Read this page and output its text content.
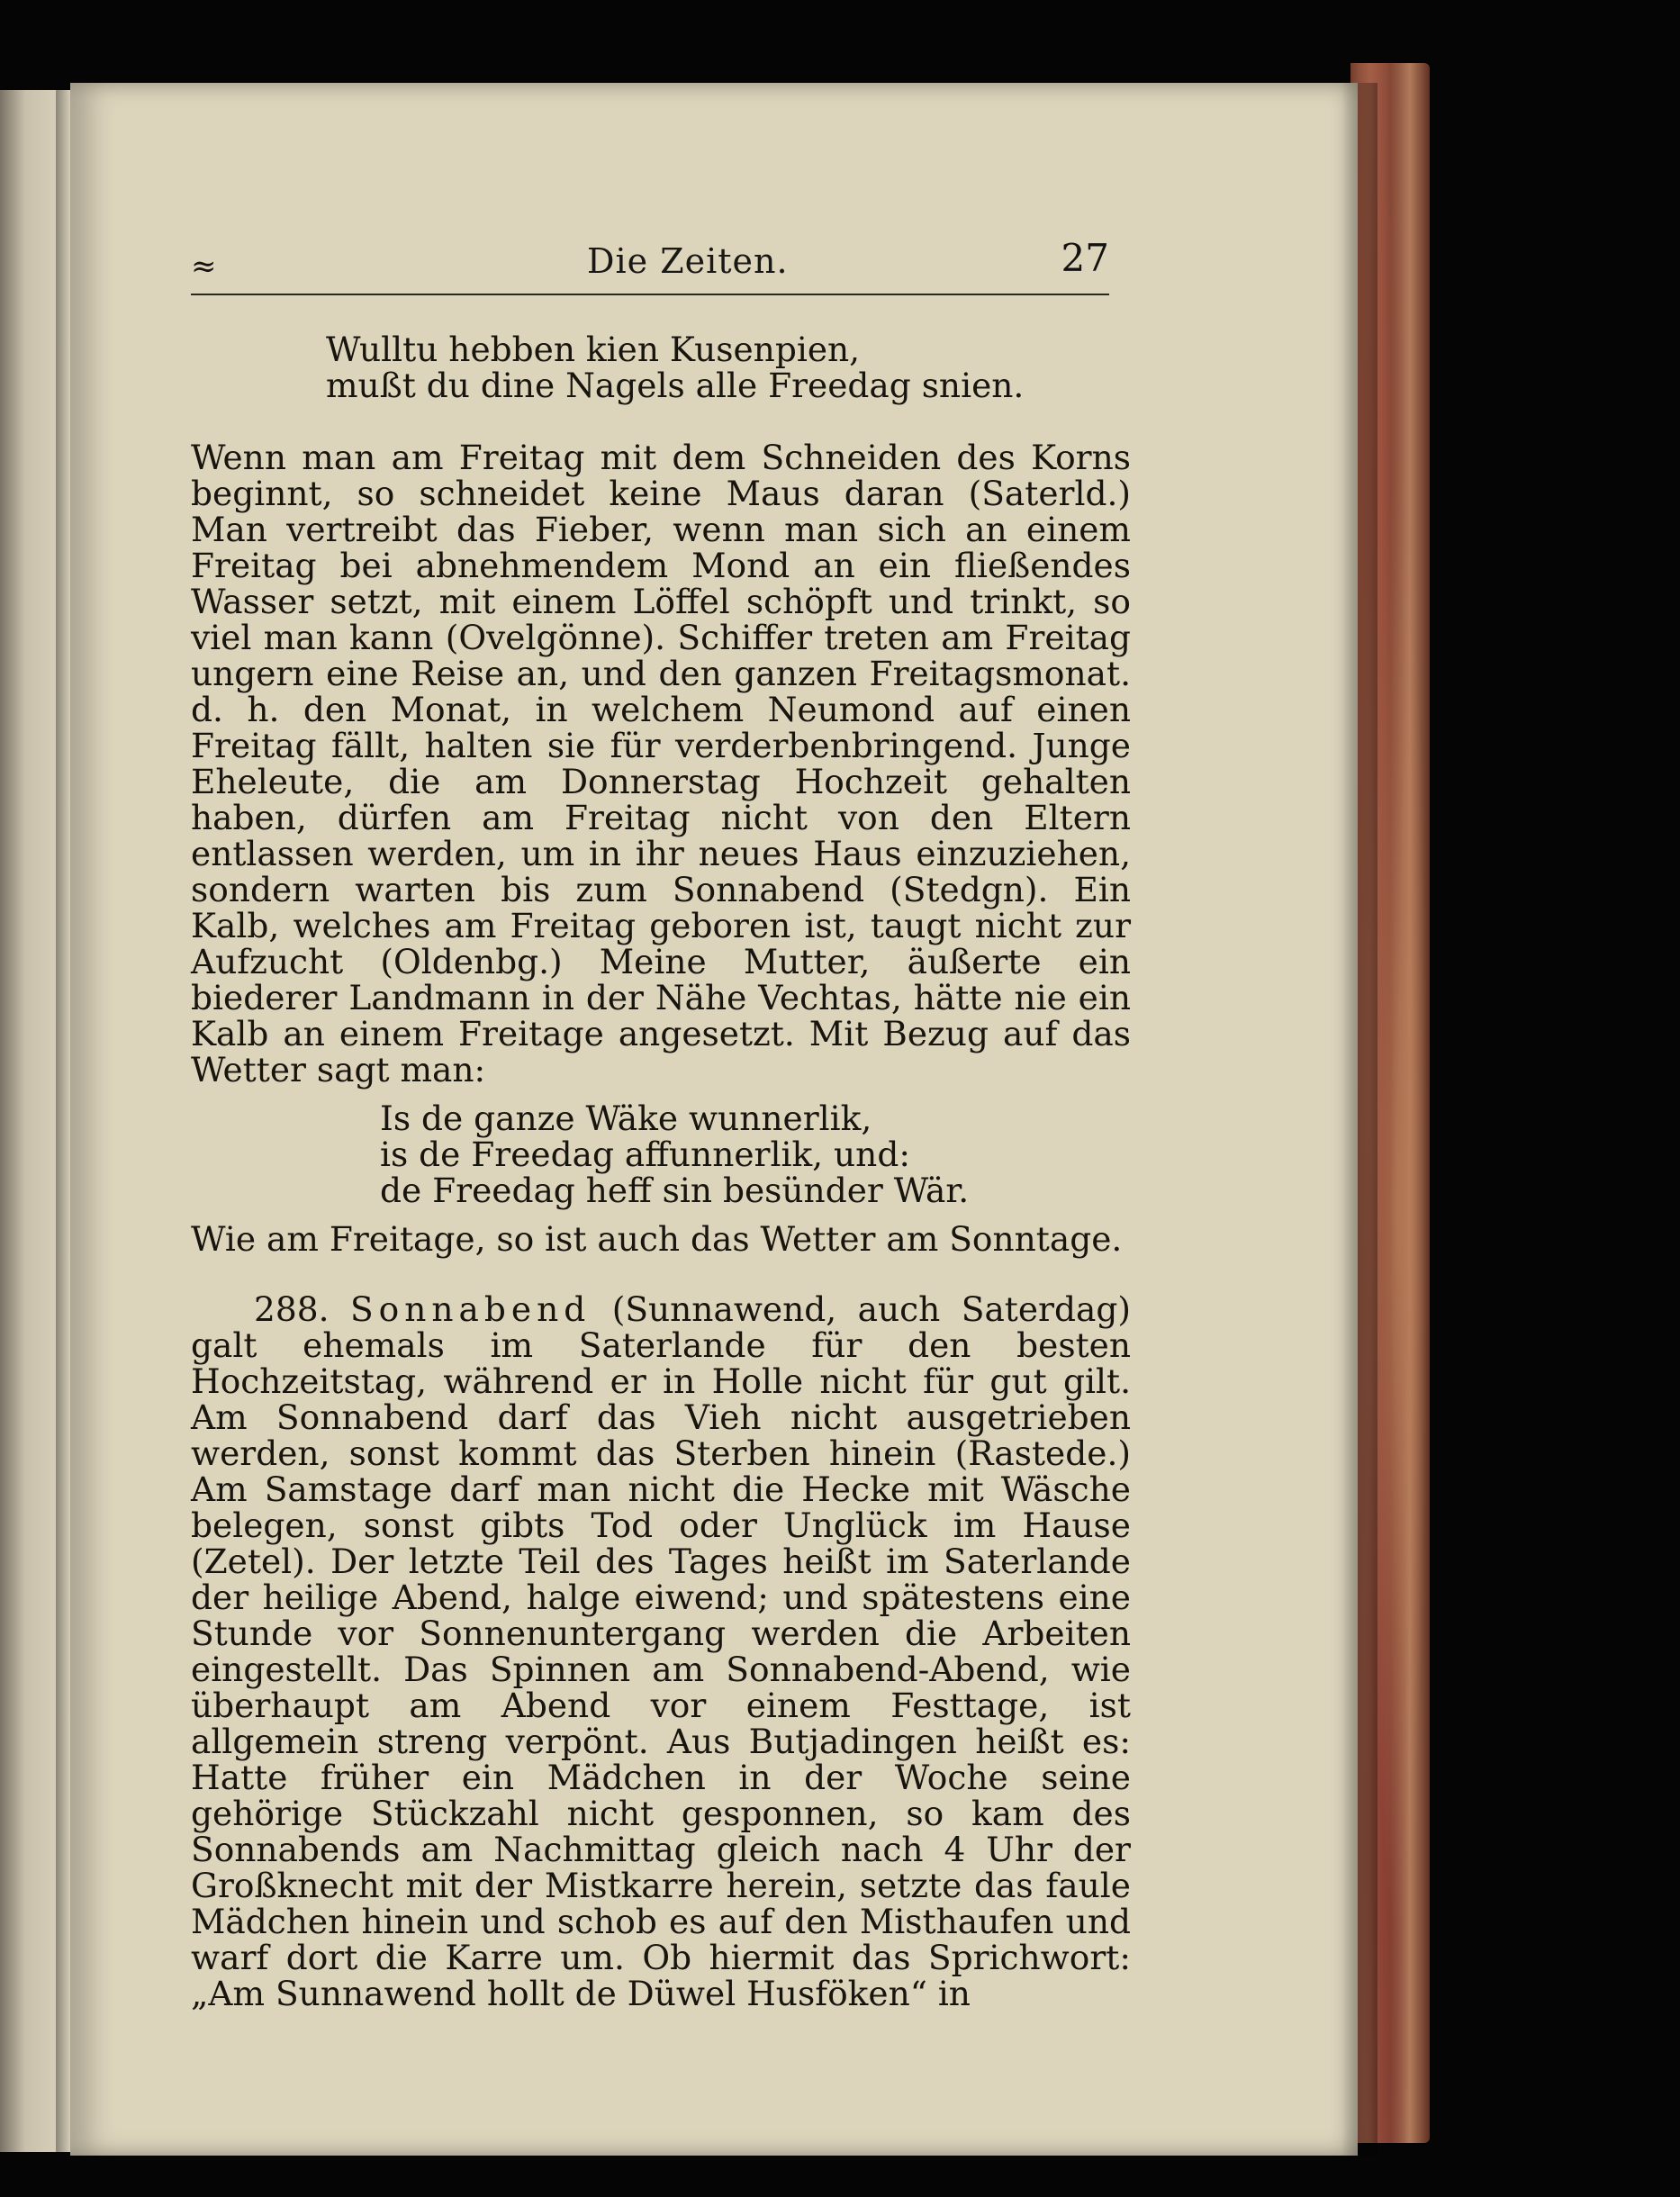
≈	Die Zeiten.	27
Wulltu hebben kien Kusenpien,
mußt du dine Nagels alle Freedag snien.

Wenn man am Freitag mit dem Schneiden des Korns beginnt, so schneidet keine Maus daran (Saterld.) Man vertreibt das Fieber, wenn man sich an einem Freitag bei abnehmendem Mond an ein fließendes Wasser setzt, mit einem Löffel schöpft und trinkt, so viel man kann (Ovelgönne). Schiffer treten am Freitag ungern eine Reise an, und den ganzen Freitagsmonat. d. h. den Monat, in welchem Neumond auf einen Freitag fällt, halten sie für verderbenbringend. Junge Eheleute, die am Donnerstag Hochzeit gehalten haben, dürfen am Freitag nicht von den Eltern entlassen werden, um in ihr neues Haus einzuziehen, sondern warten bis zum Sonnabend (Stedgn). Ein Kalb, welches am Freitag geboren ist, taugt nicht zur Aufzucht (Oldenbg.) Meine Mutter, äußerte ein biederer Landmann in der Nähe Vechtas, hätte nie ein Kalb an einem Freitage angesetzt. Mit Bezug auf das Wetter sagt man:

Is de ganze Wäke wunnerlik,
is de Freedag affunnerlik, und:
de Freedag heff sin besünder Wär.

Wie am Freitage, so ist auch das Wetter am Sonntage.

288. Sonnabend (Sunnawend, auch Saterdag) galt ehemals im Saterlande für den besten Hochzeitstag, während er in Holle nicht für gut gilt. Am Sonnabend darf das Vieh nicht ausgetrieben werden, sonst kommt das Sterben hinein (Rastede.) Am Samstage darf man nicht die Hecke mit Wäsche belegen, sonst gibts Tod oder Unglück im Hause (Zetel). Der letzte Teil des Tages heißt im Saterlande der heilige Abend, halge eiwend; und spätestens eine Stunde vor Sonnenuntergang werden die Arbeiten eingestellt. Das Spinnen am Sonnabend-Abend, wie überhaupt am Abend vor einem Festtage, ist allgemein streng verpönt. Aus Butjadingen heißt es: Hatte früher ein Mädchen in der Woche seine gehörige Stückzahl nicht gesponnen, so kam des Sonnabends am Nachmittag gleich nach 4 Uhr der Großknecht mit der Mistkarre herein, setzte das faule Mädchen hinein und schob es auf den Misthaufen und warf dort die Karre um. Ob hiermit das Sprichwort: „Am Sunnawend hollt de Düwel Husföken“ in
